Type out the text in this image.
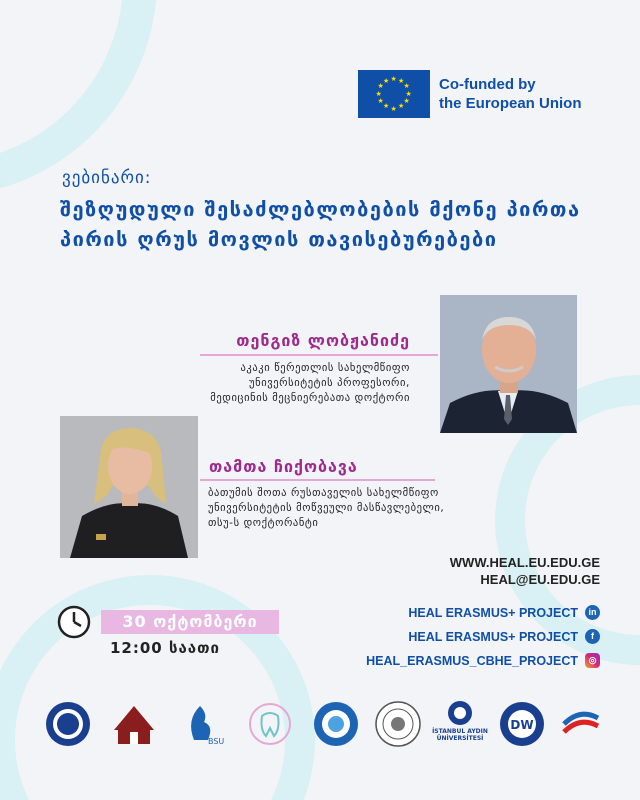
★ ★
★
★
★
★
★
★
★
★
★
★	Co-funded by
the European Union
ვებინარი:
შეზღუდული შესაძლებლობების მქონე პირთა პირის ღრუს მოვლის თავისებურებები
თენგიზ ლობჟანიძე
აკაკი წერეთლის სახელმწიფო
უნივერსიტეტის პროფესორი,
მედიცინის მეცნიერებათა დოქტორი
თამთა ჩიქობავა
ბათუმის შოთა რუსთაველის სახელმწიფო
უნივერსიტეტის მოწვეული მასწავლებელი,
თსუ-ს დოქტორანტი
WWW.HEAL.EU.EDU.GE
HEAL@EU.EDU.GE
30 ოქტომბერი
12:00 საათი
HEAL ERASMUS+ PROJECT	in
HEAL ERASMUS+ PROJECT	f
HEAL_ERASMUS_CBHE_PROJECT	◎
BSU
İSTANBUL AYDIN
ÜNİVERSİTESİ
DW
